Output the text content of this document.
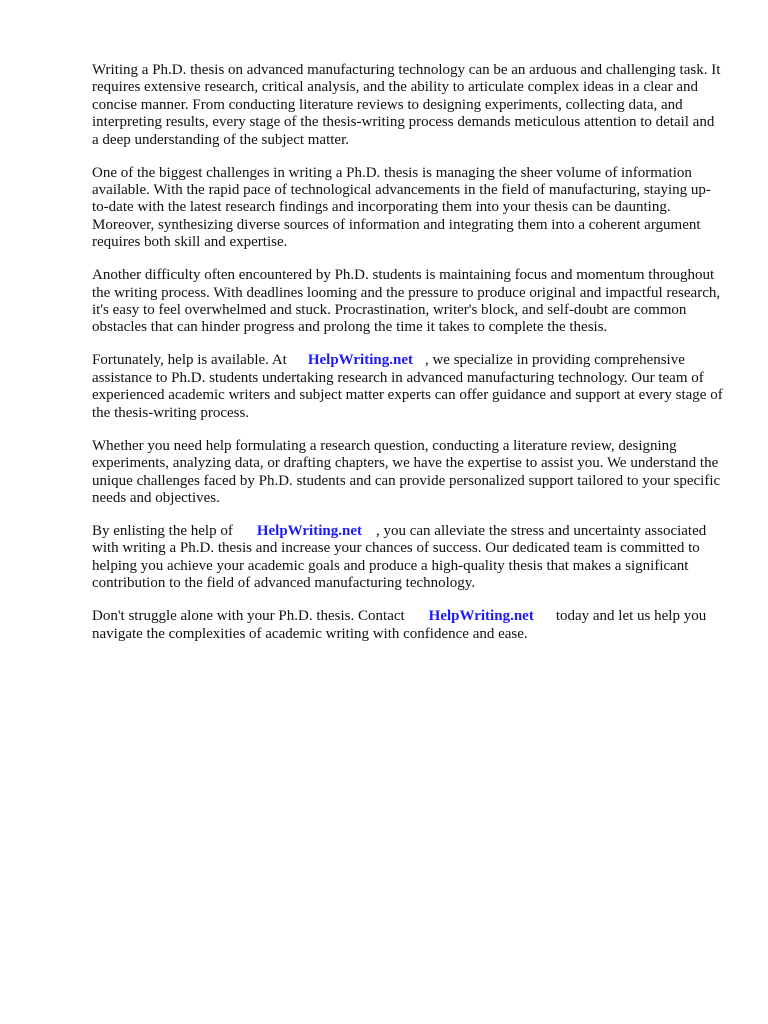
Writing a Ph.D. thesis on advanced manufacturing technology can be an arduous and challenging task. It requires extensive research, critical analysis, and the ability to articulate complex ideas in a clear and concise manner. From conducting literature reviews to designing experiments, collecting data, and interpreting results, every stage of the thesis-writing process demands meticulous attention to detail and a deep understanding of the subject matter.

One of the biggest challenges in writing a Ph.D. thesis is managing the sheer volume of information available. With the rapid pace of technological advancements in the field of manufacturing, staying up-to-date with the latest research findings and incorporating them into your thesis can be daunting. Moreover, synthesizing diverse sources of information and integrating them into a coherent argument requires both skill and expertise.

Another difficulty often encountered by Ph.D. students is maintaining focus and momentum throughout the writing process. With deadlines looming and the pressure to produce original and impactful research, it's easy to feel overwhelmed and stuck. Procrastination, writer's block, and self-doubt are common obstacles that can hinder progress and prolong the time it takes to complete the thesis.

Fortunately, help is available. At HelpWriting.net , we specialize in providing comprehensive assistance to Ph.D. students undertaking research in advanced manufacturing technology. Our team of experienced academic writers and subject matter experts can offer guidance and support at every stage of the thesis-writing process.

Whether you need help formulating a research question, conducting a literature review, designing experiments, analyzing data, or drafting chapters, we have the expertise to assist you. We understand the unique challenges faced by Ph.D. students and can provide personalized support tailored to your specific needs and objectives.

By enlisting the help of HelpWriting.net , you can alleviate the stress and uncertainty associated with writing a Ph.D. thesis and increase your chances of success. Our dedicated team is committed to helping you achieve your academic goals and produce a high-quality thesis that makes a significant contribution to the field of advanced manufacturing technology.

Don't struggle alone with your Ph.D. thesis. Contact HelpWriting.net today and let us help you navigate the complexities of academic writing with confidence and ease.
